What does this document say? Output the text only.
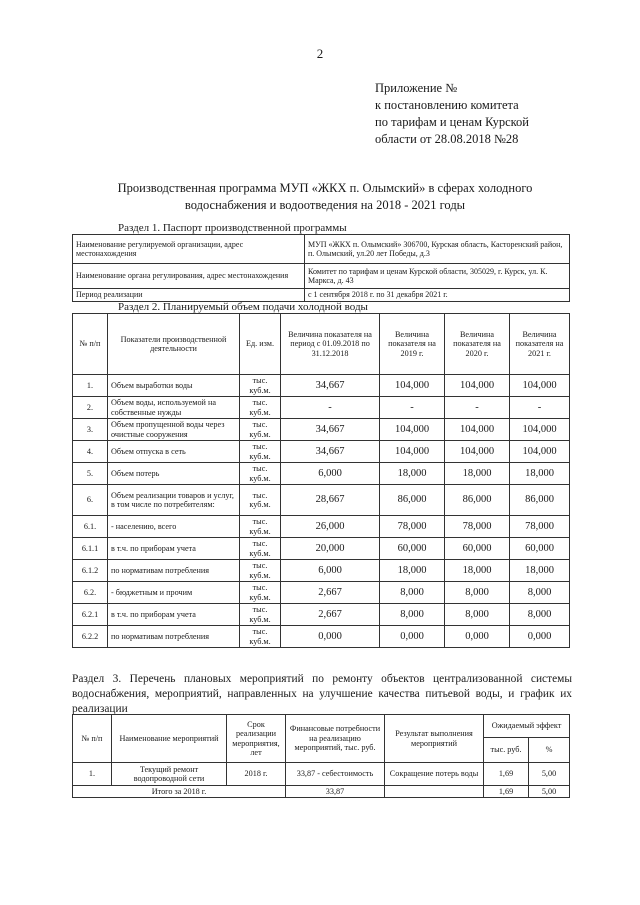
2
Приложение №
к постановлению комитета
по тарифам и ценам Курской
области от 28.08.2018 №28
Производственная программа МУП «ЖКХ п. Олымский» в сферах холодного
водоснабжения и водоотведения на 2018 - 2021 годы
Раздел 1. Паспорт производственной программы
Наименование регулируемой организации, адрес местонахождения	МУП «ЖКХ п. Олымский» 306700, Курская область, Касторенский район, п. Олымский, ул.20 лет Победы, д.3
Наименование органа регулирования, адрес местонахождения	Комитет по тарифам и ценам Курской области, 305029, г. Курск, ул. К. Маркса, д. 43
Период реализации	с 1 сентября 2018 г. по 31 декабря 2021 г.
Раздел 2. Планируемый объем подачи холодной воды
№ п/п	Показатели производственной деятельности	Ед. изм.	Величина показателя на период с 01.09.2018 по 31.12.2018	Величина показателя на 2019 г.	Величина показателя на 2020 г.	Величина показателя на 2021 г.
1.	Объем выработки воды	тыс. куб.м.	34,667	104,000	104,000	104,000
2.	Объем воды, используемой на собственные нужды	тыс. куб.м.	-	-	-	-
3.	Объем пропущенной воды через очистные сооружения	тыс. куб.м.	34,667	104,000	104,000	104,000
4.	Объем отпуска в сеть	тыс. куб.м.	34,667	104,000	104,000	104,000
5.	Объем потерь	тыс. куб.м.	6,000	18,000	18,000	18,000
6.	Объем реализации товаров и услуг, в том числе по потребителям:	тыс. куб.м.	28,667	86,000	86,000	86,000
6.1.	- населению, всего	тыс. куб.м.	26,000	78,000	78,000	78,000
6.1.1	в т.ч. по приборам учета	тыс. куб.м.	20,000	60,000	60,000	60,000
6.1.2	по нормативам потребления	тыс. куб.м.	6,000	18,000	18,000	18,000
6.2.	- бюджетным и прочим	тыс. куб.м.	2,667	8,000	8,000	8,000
6.2.1	в т.ч. по приборам учета	тыс. куб.м.	2,667	8,000	8,000	8,000
6.2.2	по нормативам потребления	тыс. куб.м.	0,000	0,000	0,000	0,000
Раздел 3. Перечень плановых мероприятий по ремонту объектов централизованной системы водоснабжения, мероприятий, направленных на улучшение качества питьевой воды, и график их реализации
№ п/п	Наименование мероприятий	Срок реализации мероприятия, лет	Финансовые потребности на реализацию мероприятий, тыс. руб.	Результат выполнения мероприятий	Ожидаемый эффект	
					тыс. руб.	%
1.	Текущий ремонт водопроводной сети	2018 г.	33,87 - себестоимость	Сокращение потерь воды	1,69	5,00
Итого за 2018 г.			33,87		1,69	5,00
